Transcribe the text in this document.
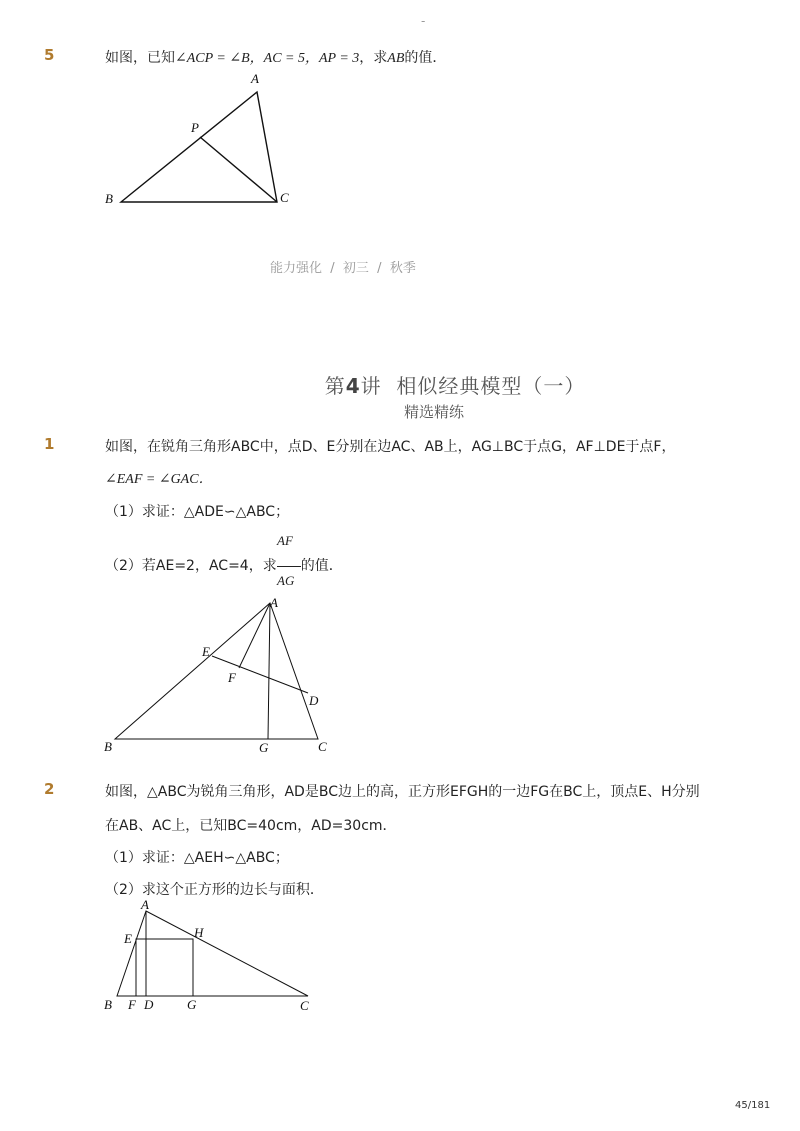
-
5	如图，已知∠ACP = ∠B，AC = 5，AP = 3，求AB的值．
A
P
B	C
能力强化  /  初三  /  秋季

第4讲  相似经典模型（一）

精选精练
1	如图，在锐角三角形ABC中，点D、E分别在边AC、AB上，AG⊥BC于点G，AF⊥DE于点F，
∠EAF = ∠GAC．
（1）求证：△ADE∽△ABC；
AF
（2）若AE=2，AC=4，求 的值．
AG
A
E
F
D
B	G	C
2	如图，△ABC为锐角三角形，AD是BC边上的高，正方形EFGH的一边FG在BC上，顶点E、H分别
在AB、AC上，已知BC=40cm，AD=30cm．
（1）求证：△AEH∽△ABC；
（2）求这个正方形的边长与面积．
A
E	H
B F D	G	C
45/181
